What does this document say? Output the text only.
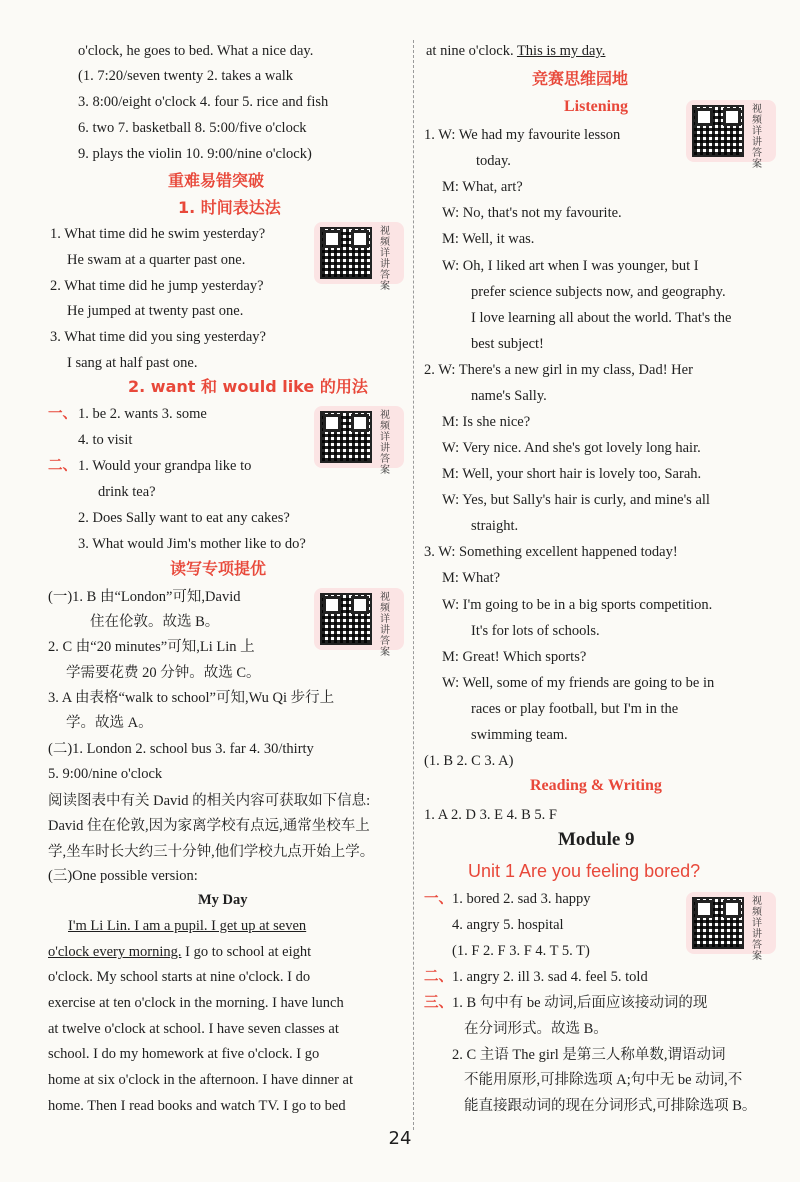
重难易错突破
1. 时间表达法
2. want 和 would like 的用法
读写专项提优
My Day
一、
二、
I'm Li Lin. I am a pupil. I get up at seven
o'clock every morning. I go to school at eight
视频详讲答案
视频详讲答案
视频详讲答案
o'clock, he goes to bed. What a nice day.
(1. 7:20/seven twenty 2. takes a walk
3. 8:00/eight o'clock 4. four 5. rice and fish
6. two 7. basketball 8. 5:00/five o'clock
9. plays the violin 10. 9:00/nine o'clock)
1. What time did he swim yesterday?
He swam at a quarter past one.
2. What time did he jump yesterday?
He jumped at twenty past one.
3. What time did you sing yesterday?
I sang at half past one.
1. be 2. wants 3. some
4. to visit
1. Would your grandpa like to
drink tea?
2. Does Sally want to eat any cakes?
3. What would Jim's mother like to do?
(一)1. B 由“London”可知,David
住在伦敦。故选 B。
2. C 由“20 minutes”可知,Li Lin 上
学需要花费 20 分钟。故选 C。
3. A 由表格“walk to school”可知,Wu Qi 步行上
学。故选 A。
(二)1. London 2. school bus 3. far 4. 30/thirty
5. 9:00/nine o'clock
阅读图表中有关 David 的相关内容可获取如下信息:
David 住在伦敦,因为家离学校有点远,通常坐校车上
学,坐车时长大约三十分钟,他们学校九点开始上学。
(三)One possible version:
o'clock. My school starts at nine o'clock. I do
exercise at ten o'clock in the morning. I have lunch
at twelve o'clock at school. I have seven classes at
school. I do my homework at five o'clock. I go
home at six o'clock in the afternoon. I have dinner at
home. Then I read books and watch TV. I go to bed
at nine o'clock. This is my day.
竞赛思维园地
Listening
Reading & Writing
Module 9
Unit 1 Are you feeling bored?
一、
二、
三、
视频详讲答案
视频详讲答案
1. W: We had my favourite lesson
today.
M: What, art?
W: No, that's not my favourite.
M: Well, it was.
W: Oh, I liked art when I was younger, but I
prefer science subjects now, and geography.
I love learning all about the world. That's the
best subject!
2. W: There's a new girl in my class, Dad! Her
name's Sally.
M: Is she nice?
W: Very nice. And she's got lovely long hair.
M: Well, your short hair is lovely too, Sarah.
W: Yes, but Sally's hair is curly, and mine's all
straight.
3. W: Something excellent happened today!
M: What?
W: I'm going to be in a big sports competition.
It's for lots of schools.
M: Great! Which sports?
W: Well, some of my friends are going to be in
races or play football, but I'm in the
swimming team.
(1. B 2. C 3. A)
1. A 2. D 3. E 4. B 5. F
1. bored 2. sad 3. happy
4. angry 5. hospital
(1. F 2. F 3. F 4. T 5. T)
1. angry 2. ill 3. sad 4. feel 5. told
1. B 句中有 be 动词,后面应该接动词的现
在分词形式。故选 B。
2. C 主语 The girl 是第三人称单数,谓语动词
不能用原形,可排除选项 A;句中无 be 动词,不
能直接跟动词的现在分词形式,可排除选项 B。
24
